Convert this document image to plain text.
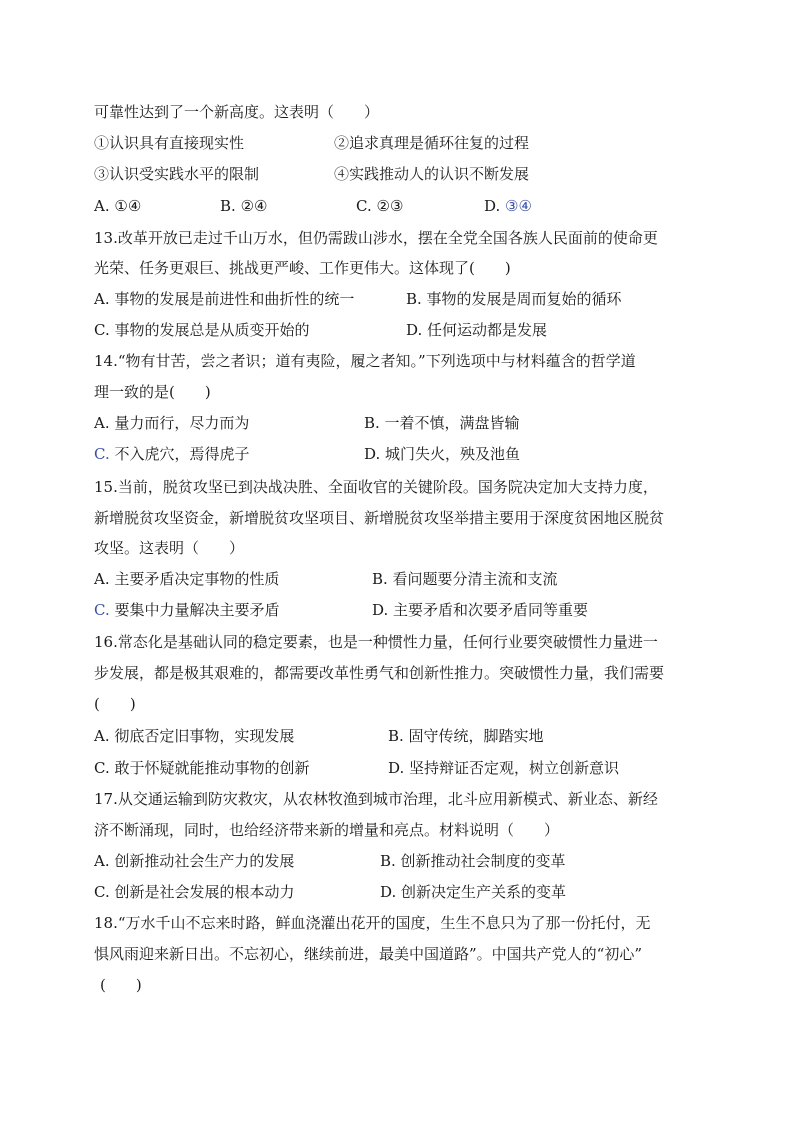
可靠性达到了一个新高度。这表明（　　）
①认识具有直接现实性	②追求真理是循环往复的过程
③认识受实践水平的限制	④实践推动人的认识不断发展
A. ①④	B. ②④	C. ②③	D. ③④
13.改革开放已走过千山万水，但仍需跋山涉水，摆在全党全国各族人民面前的使命更
光荣、任务更艰巨、挑战更严峻、工作更伟大。这体现了(　　)
A. 事物的发展是前进性和曲折性的统一	B. 事物的发展是周而复始的循环
C. 事物的发展总是从质变开始的	D. 任何运动都是发展
14.“物有甘苦，尝之者识；道有夷险，履之者知。”下列选项中与材料蕴含的哲学道
理一致的是(　　)
A. 量力而行，尽力而为	B. 一着不慎，满盘皆输
C. 不入虎穴，焉得虎子	D. 城门失火，殃及池鱼
15.当前，脱贫攻坚已到决战决胜、全面收官的关键阶段。国务院决定加大支持力度，
新增脱贫攻坚资金，新增脱贫攻坚项目、新增脱贫攻坚举措主要用于深度贫困地区脱贫
攻坚。这表明（　　）
A. 主要矛盾决定事物的性质	B. 看问题要分清主流和支流
C. 要集中力量解决主要矛盾	D. 主要矛盾和次要矛盾同等重要
16.常态化是基础认同的稳定要素，也是一种惯性力量，任何行业要突破惯性力量进一
步发展，都是极其艰难的，都需要改革性勇气和创新性推力。突破惯性力量，我们需要
(　　)
A. 彻底否定旧事物，实现发展	B. 固守传统，脚踏实地
C. 敢于怀疑就能推动事物的创新	D. 坚持辩证否定观，树立创新意识
17.从交通运输到防灾救灾，从农林牧渔到城市治理，北斗应用新模式、新业态、新经
济不断涌现，同时，也给经济带来新的增量和亮点。材料说明（　　）
A. 创新推动社会生产力的发展	B. 创新推动社会制度的变革
C. 创新是社会发展的根本动力	D. 创新决定生产关系的变革
18.“万水千山不忘来时路，鲜血浇灌出花开的国度，生生不息只为了那一份托付，无
惧风雨迎来新日出。不忘初心，继续前进，最美中国道路”。中国共产党人的“初心”
(　　)
